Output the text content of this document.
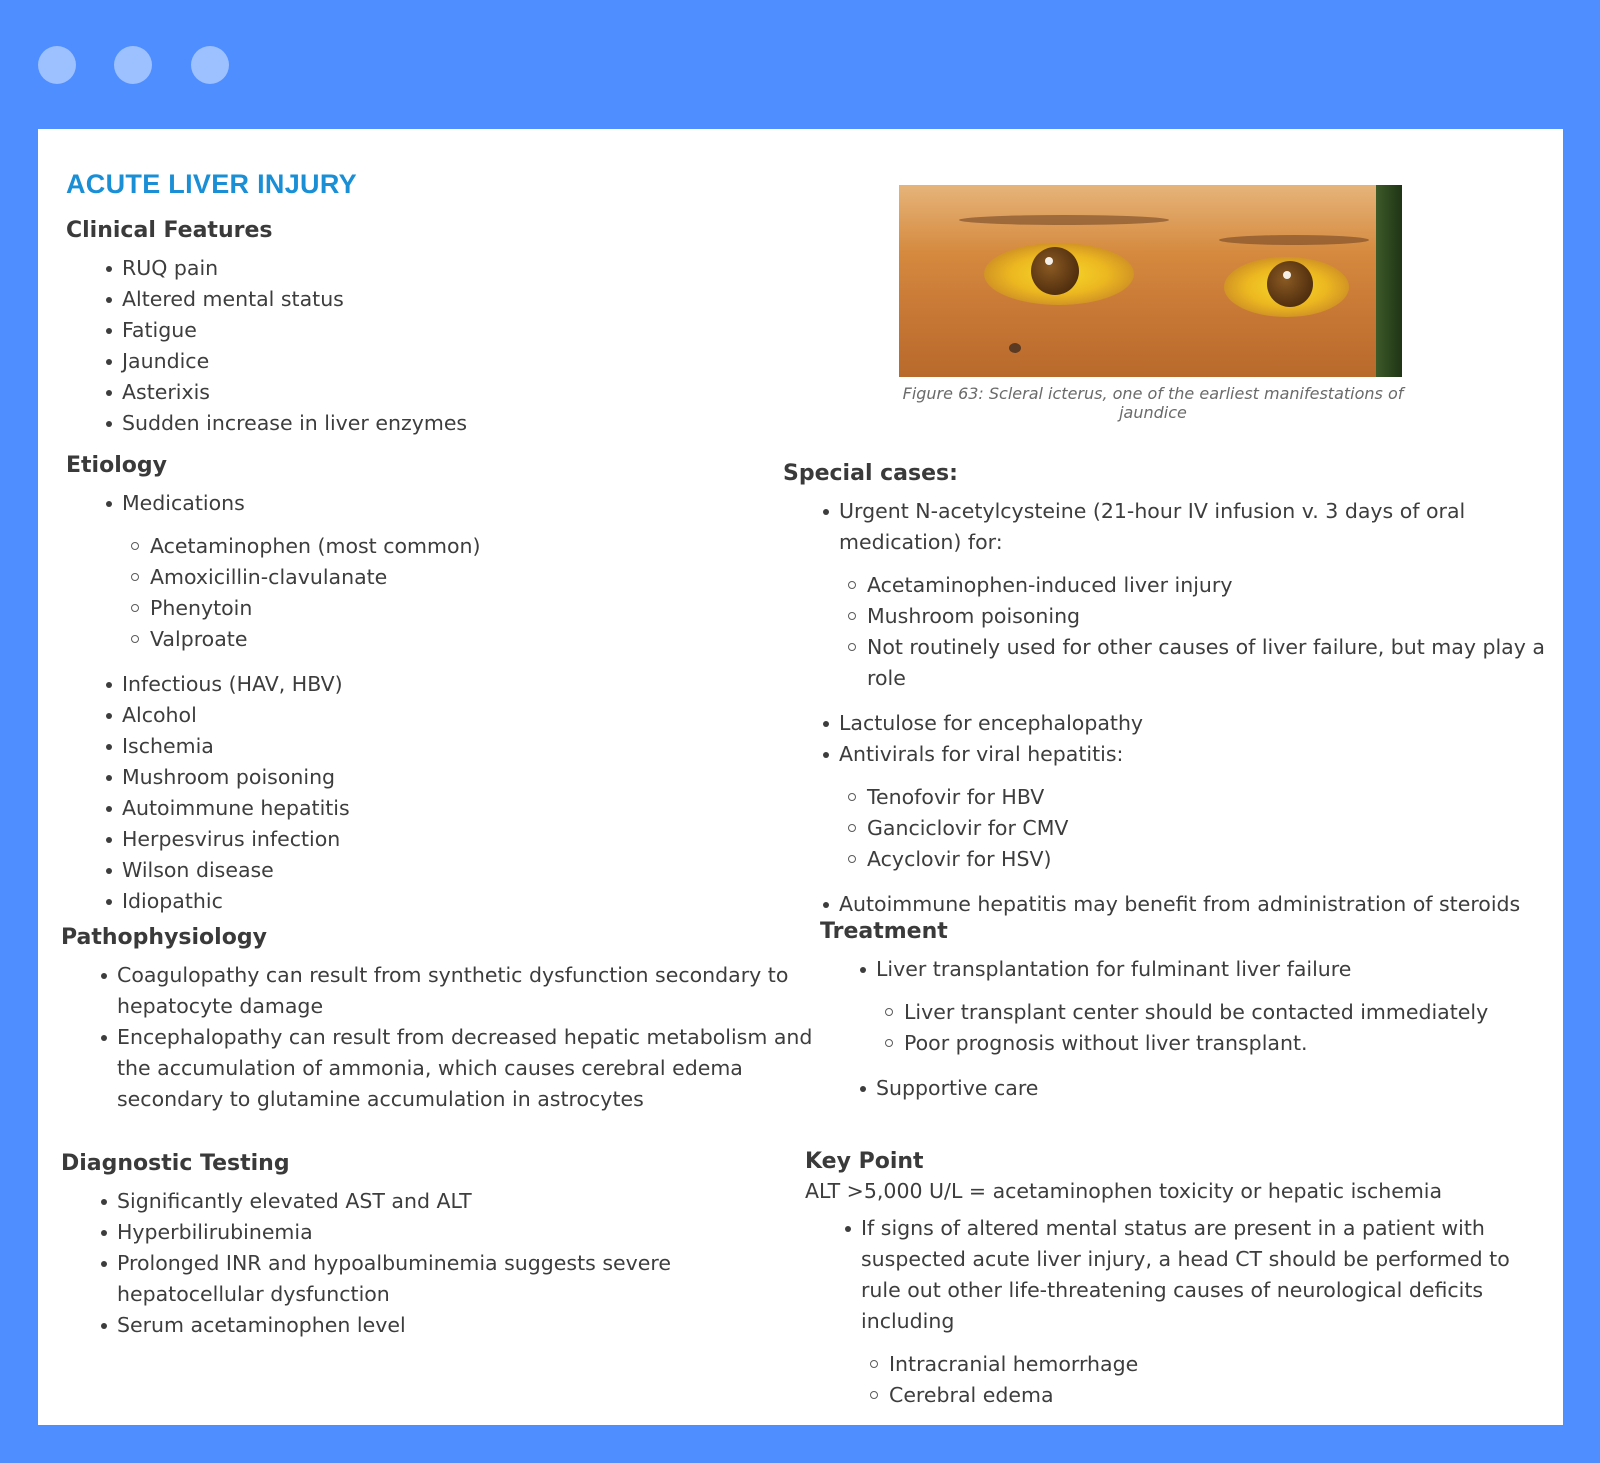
ACUTE LIVER INJURY
Clinical Features
RUQ pain
Altered mental status
Fatigue
Jaundice
Asterixis
Sudden increase in liver enzymes
Etiology
Medications
Acetaminophen (most common)
Amoxicillin-clavulanate
Phenytoin
Valproate
Infectious (HAV, HBV)
Alcohol
Ischemia
Mushroom poisoning
Autoimmune hepatitis
Herpesvirus infection
Wilson disease
Idiopathic
Pathophysiology
Coagulopathy can result from synthetic dysfunction secondary to hepatocyte damage
Encephalopathy can result from decreased hepatic metabolism and the accumulation of ammonia, which causes cerebral edema secondary to glutamine accumulation in astrocytes
Diagnostic Testing
Significantly elevated AST and ALT
Hyperbilirubinemia
Prolonged INR and hypoalbuminemia suggests severe hepatocellular dysfunction
Serum acetaminophen level
Figure 63: Scleral icterus, one of the earliest manifestations of jaundice
Special cases:
Urgent N-acetylcysteine (21-hour IV infusion v. 3 days of oral medication) for:
Acetaminophen-induced liver injury
Mushroom poisoning
Not routinely used for other causes of liver failure, but may play a role
Lactulose for encephalopathy
Antivirals for viral hepatitis:
Tenofovir for HBV
Ganciclovir for CMV
Acyclovir for HSV)
Autoimmune hepatitis may benefit from administration of steroids
Treatment
Liver transplantation for fulminant liver failure
Liver transplant center should be contacted immediately
Poor prognosis without liver transplant.
Supportive care
Key Point
ALT >5,000 U/L = acetaminophen toxicity or hepatic ischemia
If signs of altered mental status are present in a patient with suspected acute liver injury, a head CT should be performed to rule out other life-threatening causes of neurological deficits including
Intracranial hemorrhage
Cerebral edema
